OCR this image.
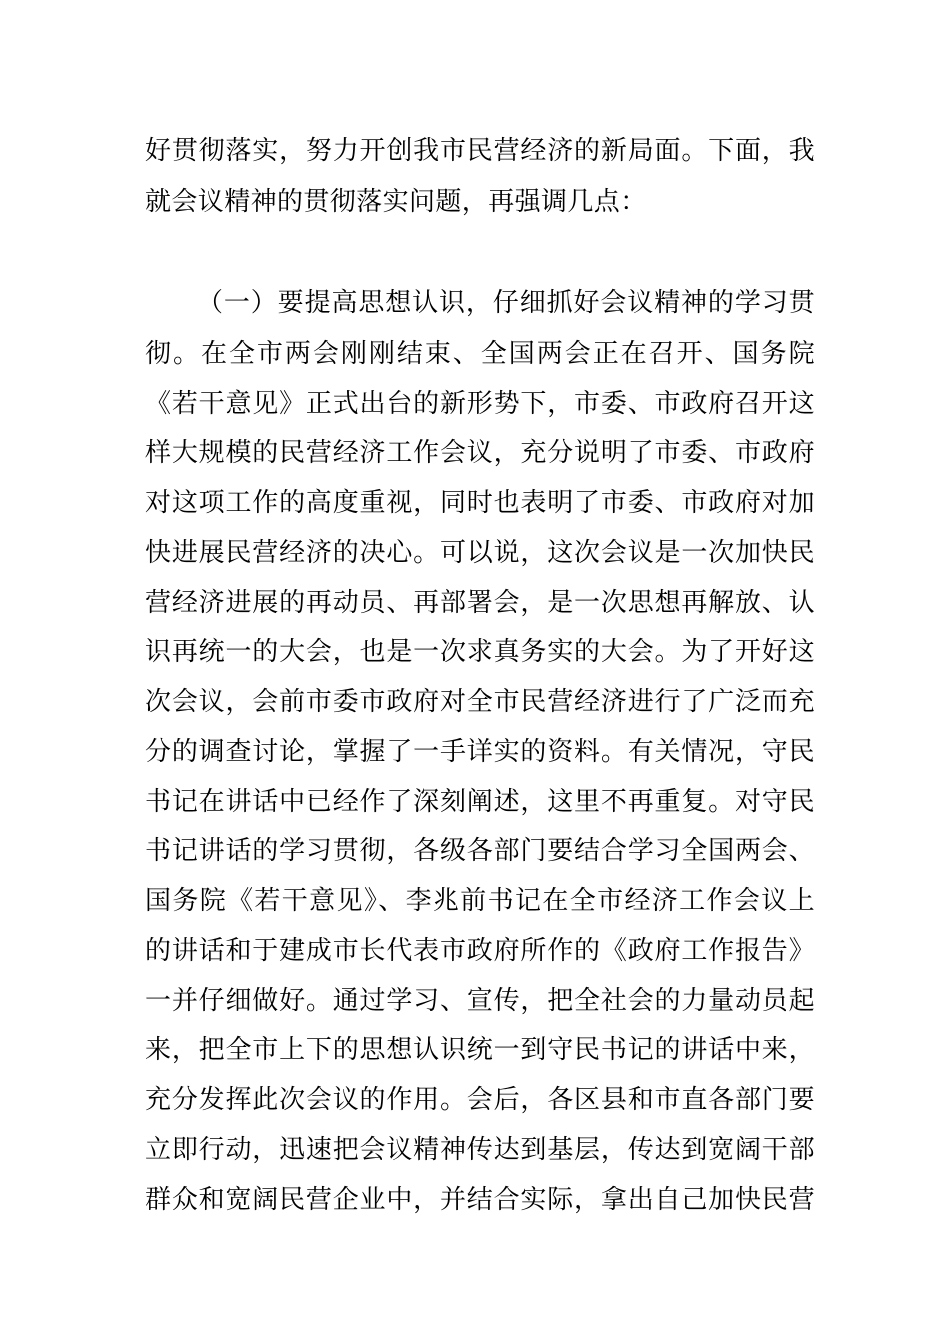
好贯彻落实，努力开创我市民营经济的新局面。下面，我
就会议精神的贯彻落实问题，再强调几点：
（一）要提高思想认识，仔细抓好会议精神的学习贯
彻。在全市两会刚刚结束、全国两会正在召开、国务院
《若干意见》正式出台的新形势下，市委、市政府召开这
样大规模的民营经济工作会议，充分说明了市委、市政府
对这项工作的高度重视，同时也表明了市委、市政府对加
快进展民营经济的决心。可以说，这次会议是一次加快民
营经济进展的再动员、再部署会，是一次思想再解放、认
识再统一的大会，也是一次求真务实的大会。为了开好这
次会议，会前市委市政府对全市民营经济进行了广泛而充
分的调查讨论，掌握了一手详实的资料。有关情况，守民
书记在讲话中已经作了深刻阐述，这里不再重复。对守民
书记讲话的学习贯彻，各级各部门要结合学习全国两会、
国务院《若干意见》、李兆前书记在全市经济工作会议上
的讲话和于建成市长代表市政府所作的《政府工作报告》
一并仔细做好。通过学习、宣传，把全社会的力量动员起
来，把全市上下的思想认识统一到守民书记的讲话中来，
充分发挥此次会议的作用。会后，各区县和市直各部门要
立即行动，迅速把会议精神传达到基层，传达到宽阔干部
群众和宽阔民营企业中，并结合实际，拿出自己加快民营
